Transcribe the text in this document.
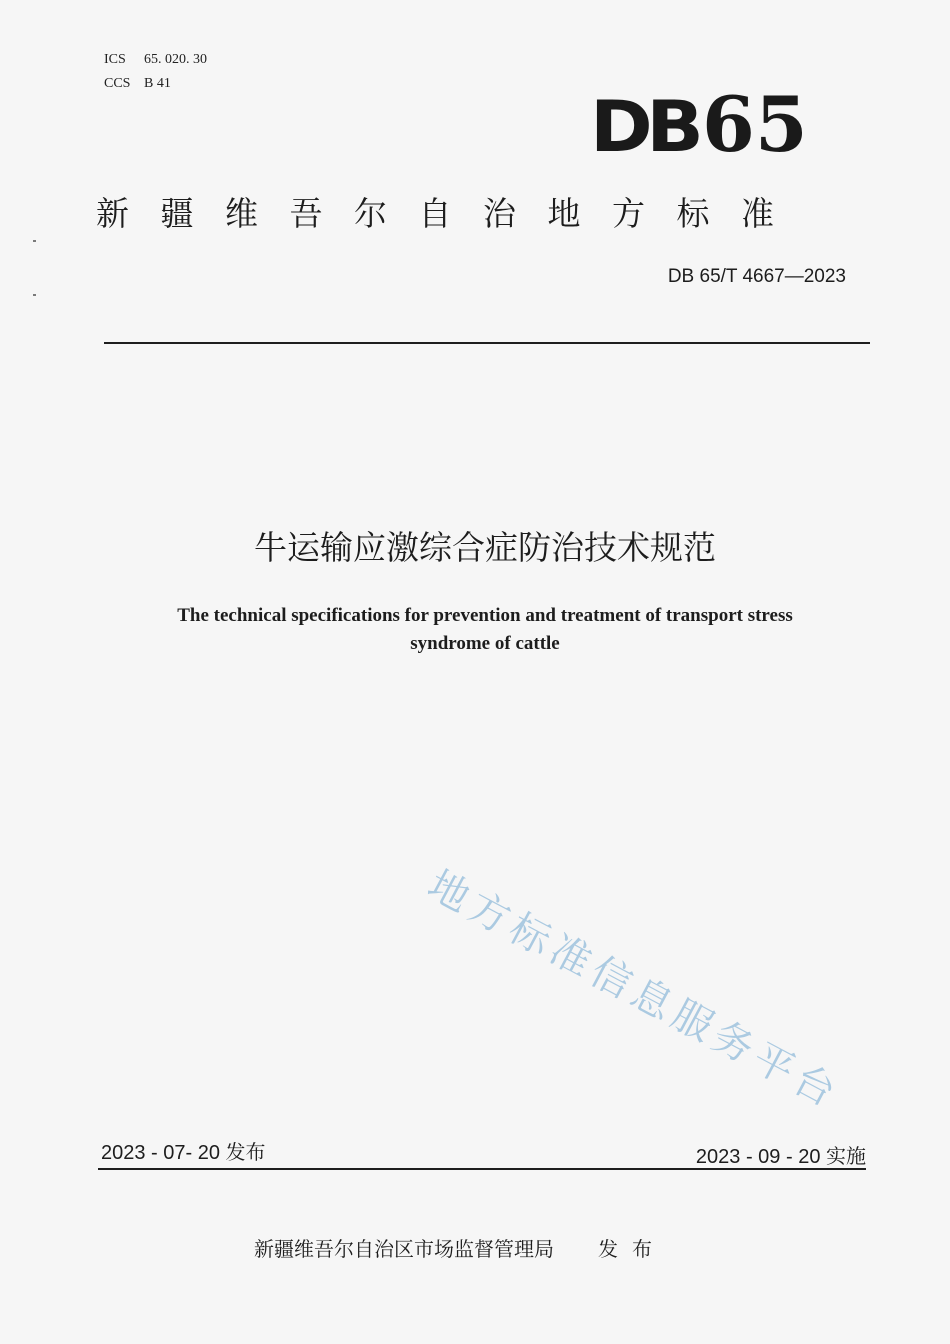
ICS 65. 020. 30
CCS B 41
DB 65
新疆维吾尔自治地方标准
DB 65/T 4667—2023
牛运输应激综合症防治技术规范
The technical specifications for prevention and treatment of transport stress
syndrome of cattle
地方标准信息服务平台
2023 - 07- 20 发布	2023 - 09 - 20 实施
新疆维吾尔自治区市场监督管理局 发布
